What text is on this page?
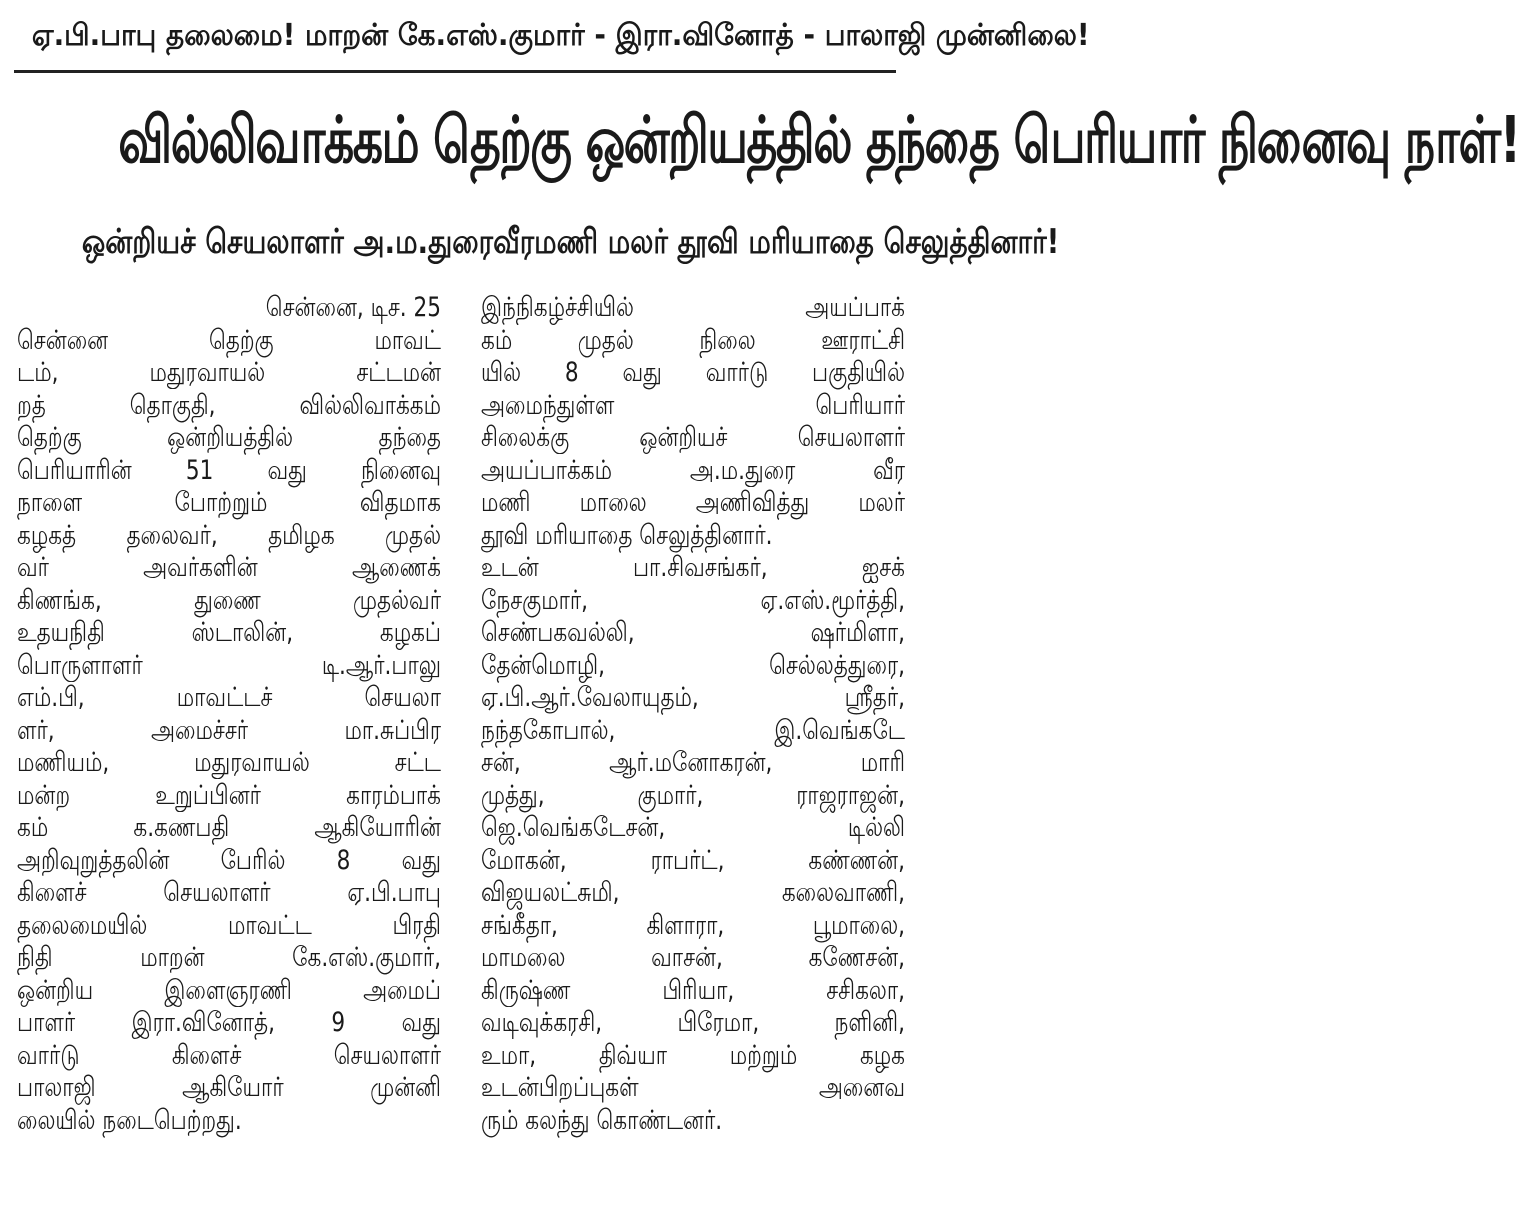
ஏ.பி.பாபு தலைமை! மாறன் கே.எஸ்.குமார் - இரா.வினோத் - பாலாஜி முன்னிலை!
வில்லிவாக்கம் தெற்கு ஒன்றியத்தில் தந்தை பெரியார் நினைவு நாள்!
ஒன்றியச் செயலாளர் அ.ம.துரைவீரமணி மலர் தூவி மரியாதை செலுத்தினார்!
சென்னை, டிச. 25
சென்னை தெற்கு மாவட்
டம், மதுரவாயல் சட்டமன்
றத் தொகுதி, வில்லிவாக்கம்
தெற்கு ஒன்றியத்தில் தந்தை
பெரியாரின் 51 வது நினைவு
நாளை போற்றும் விதமாக
கழகத் தலைவர், தமிழக முதல்
வர் அவர்களின் ஆணைக்
கிணங்க, துணை முதல்வர்
உதயநிதி ஸ்டாலின், கழகப்
பொருளாளர் டி.ஆர்.பாலு
எம்.பி, மாவட்டச் செயலா
ளர், அமைச்சர் மா.சுப்பிர
மணியம், மதுரவாயல் சட்ட
மன்ற உறுப்பினர் காரம்பாக்
கம் க.கணபதி ஆகியோரின்
அறிவுறுத்தலின் பேரில் 8 வது
கிளைச் செயலாளர் ஏ.பி.பாபு
தலைமையில் மாவட்ட பிரதி
நிதி மாறன் கே.எஸ்.குமார்,
ஒன்றிய இளைஞரணி அமைப்
பாளர் இரா.வினோத், 9 வது
வார்டு கிளைச் செயலாளர்
பாலாஜி ஆகியோர் முன்னி
லையில் நடைபெற்றது.
இந்நிகழ்ச்சியில் அயப்பாக்
கம் முதல் நிலை ஊராட்சி
யில் 8 வது வார்டு பகுதியில்
அமைந்துள்ள பெரியார்
சிலைக்கு ஒன்றியச் செயலாளர்
அயப்பாக்கம் அ.ம.துரை வீர
மணி மாலை அணிவித்து மலர்
தூவி மரியாதை செலுத்தினார்.
உடன் பா.சிவசங்கர், ஐசக்
நேசகுமார், ஏ.எஸ்.மூர்த்தி,
செண்பகவல்லி, ஷர்மிளா,
தேன்மொழி, செல்லத்துரை,
ஏ.பி.ஆர்.வேலாயுதம், ஸ்ரீதர்,
நந்தகோபால், இ.வெங்கடே
சன், ஆர்.மனோகரன், மாரி
முத்து, குமார், ராஜராஜன்,
ஜெ.வெங்கடேசன், டில்லி
மோகன், ராபர்ட், கண்ணன்,
விஜயலட்சுமி, கலைவாணி,
சங்கீதா, கிளாரா, பூமாலை,
மாமலை வாசன், கணேசன்,
கிருஷ்ண பிரியா, சசிகலா,
வடிவுக்கரசி, பிரேமா, நளினி,
உமா, திவ்யா மற்றும் கழக
உடன்பிறப்புகள் அனைவ
ரும் கலந்து கொண்டனர்.
